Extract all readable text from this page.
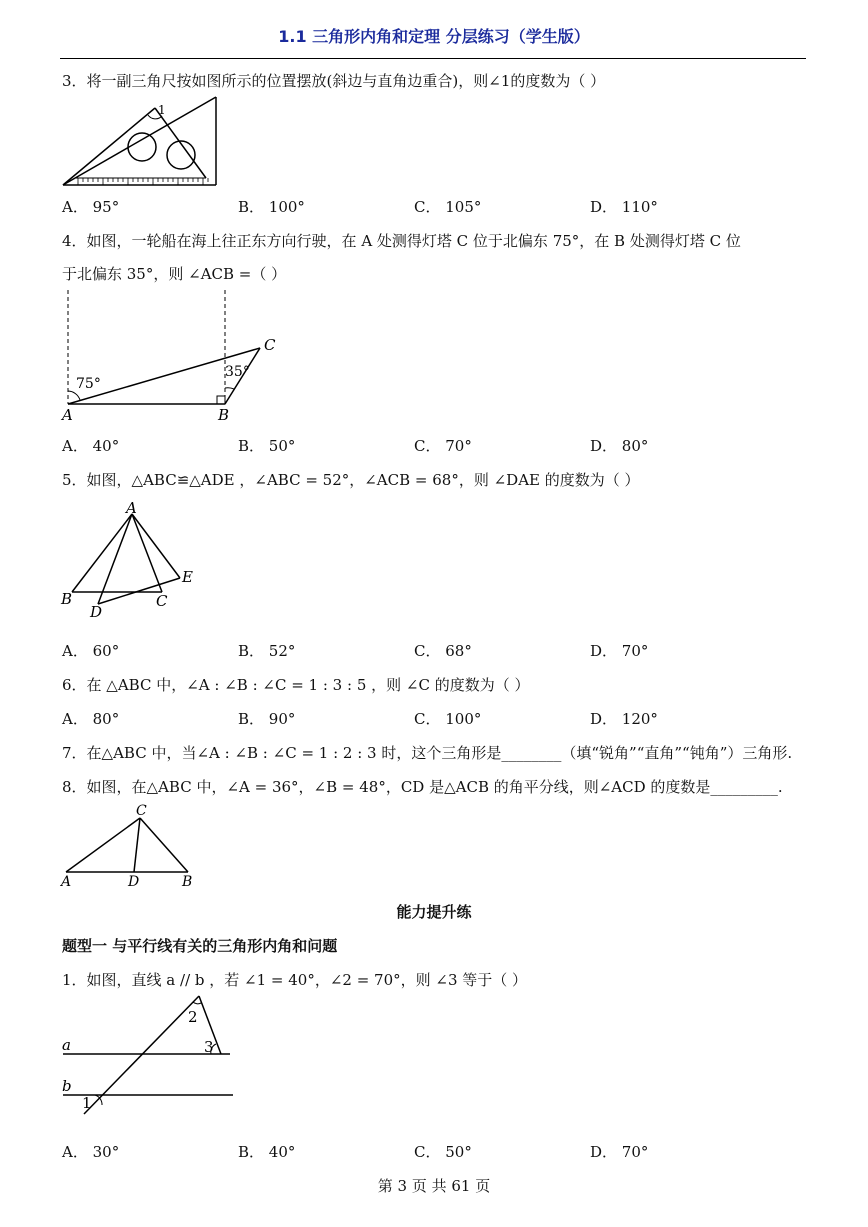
1.1 三角形内角和定理 分层练习（学生版）
3．将一副三角尺按如图所示的位置摆放(斜边与直角边重合)，则∠1的度数为（ ）
1
A． 95°	B． 100°	C． 105°	D． 110°
4．如图，一轮船在海上往正东方向行驶，在 A 处测得灯塔 C 位于北偏东 75°，在 B 处测得灯塔 C 位
于北偏东 35°，则 ∠ACB =（ ）
75°
35°
A	B
C
A． 40°	B． 50°	C． 70°	D． 80°
5．如图，△ABC≌△ADE ，∠ABC = 52°，∠ACB = 68°，则 ∠DAE 的度数为（ ）
A
B	C
D
E
A． 60°	B． 52°	C． 68°	D． 70°
6．在 △ABC 中，∠A : ∠B : ∠C = 1 : 3 : 5 ，则 ∠C 的度数为（ ）
A． 80°	B． 90°	C． 100°	D． 120°
7．在△ABC 中，当∠A : ∠B : ∠C = 1 : 2 : 3 时，这个三角形是________（填“锐角”“直角”“钝角”）三角形.
8．如图，在△ABC 中，∠A = 36°，∠B = 48°，CD 是△ACB 的角平分线，则∠ACD 的度数是_________.
C
A	D	B
能力提升练
题型一 与平行线有关的三角形内角和问题
1．如图，直线 a // b ，若 ∠1 = 40°，∠2 = 70°，则 ∠3 等于（ ）
2
3
1
a
b
A． 30°	B． 40°	C． 50°	D． 70°
第 3 页 共 61 页
